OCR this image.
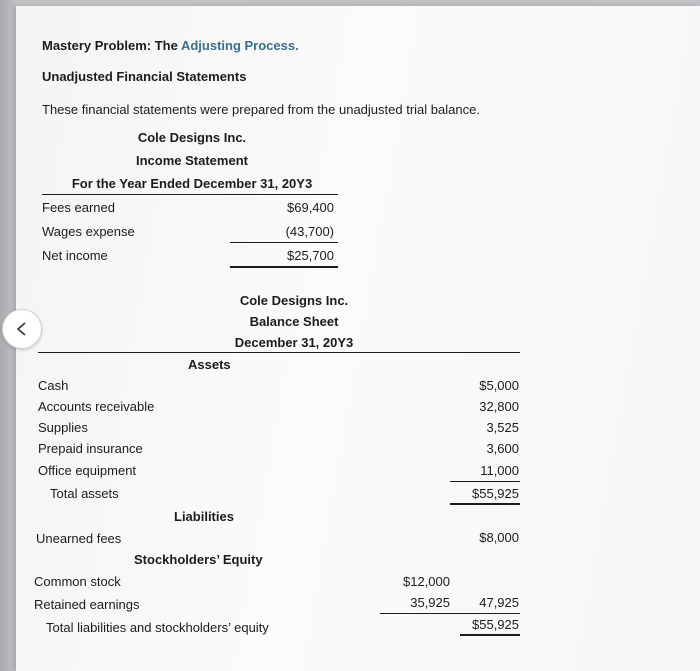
Mastery Problem: The Adjusting Process.
Unadjusted Financial Statements
These financial statements were prepared from the unadjusted trial balance.
Cole Designs Inc.
Income Statement
For the Year Ended December 31, 20Y3
Fees earned	$69,400
Wages expense	(43,700)
Net income	$25,700
Cole Designs Inc.
Balance Sheet
December 31, 20Y3
Assets
Cash	$5,000
Accounts receivable	32,800
Supplies	3,525
Prepaid insurance	3,600
Office equipment	11,000
Total assets	$55,925
Liabilities
Unearned fees	$8,000
Stockholders’ Equity
Common stock	$12,000
Retained earnings	35,925	47,925
Total liabilities and stockholders’ equity	$55,925
